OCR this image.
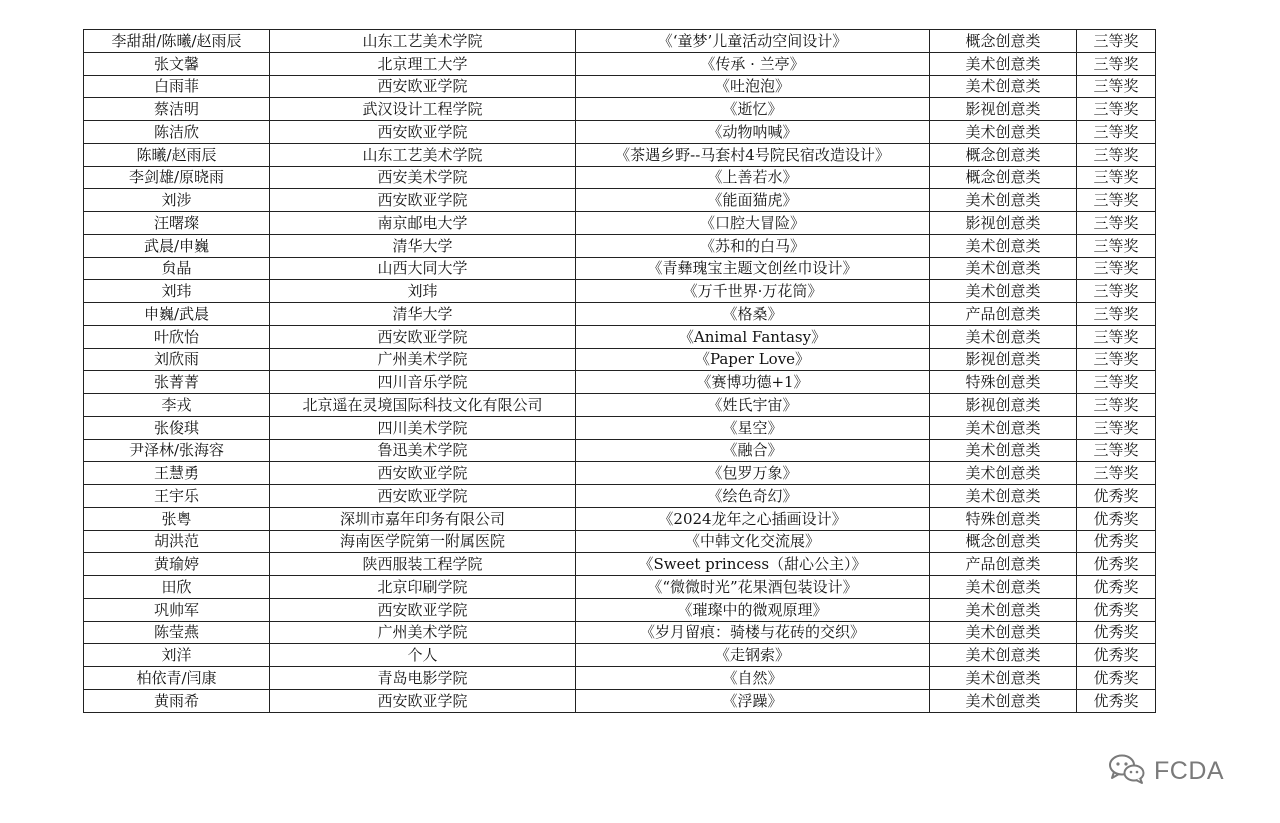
李甜甜/陈曦/赵雨辰	山东工艺美术学院	《‘童梦’儿童活动空间设计》	概念创意类	三等奖
张文馨	北京理工大学	《传承 · 兰亭》	美术创意类	三等奖
白雨菲	西安欧亚学院	《吐泡泡》	美术创意类	三等奖
蔡洁明	武汉设计工程学院	《逝忆》	影视创意类	三等奖
陈洁欣	西安欧亚学院	《动物呐喊》	美术创意类	三等奖
陈曦/赵雨辰	山东工艺美术学院	《茶遇乡野--马套村4号院民宿改造设计》	概念创意类	三等奖
李剑雄/原晓雨	西安美术学院	《上善若水》	概念创意类	三等奖
刘涉	西安欧亚学院	《能面猫虎》	美术创意类	三等奖
汪曙璨	南京邮电大学	《口腔大冒险》	影视创意类	三等奖
武晨/申巍	清华大学	《苏和的白马》	美术创意类	三等奖
贠晶	山西大同大学	《青彝瑰宝主题文创丝巾设计》	美术创意类	三等奖
刘玮	刘玮	《万千世界·万花筒》	美术创意类	三等奖
申巍/武晨	清华大学	《格桑》	产品创意类	三等奖
叶欣怡	西安欧亚学院	《Animal Fantasy》	美术创意类	三等奖
刘欣雨	广州美术学院	《Paper Love》	影视创意类	三等奖
张菁菁	四川音乐学院	《赛博功德+1》	特殊创意类	三等奖
李戎	北京遥在灵境国际科技文化有限公司	《姓氏宇宙》	影视创意类	三等奖
张俊琪	四川美术学院	《星空》	美术创意类	三等奖
尹泽林/张海容	鲁迅美术学院	《融合》	美术创意类	三等奖
王慧勇	西安欧亚学院	《包罗万象》	美术创意类	三等奖
王宇乐	西安欧亚学院	《绘色奇幻》	美术创意类	优秀奖
张粤	深圳市嘉年印务有限公司	《2024龙年之心插画设计》	特殊创意类	优秀奖
胡洪范	海南医学院第一附属医院	《中韩文化交流展》	概念创意类	优秀奖
黄瑜婷	陕西服装工程学院	《Sweet princess（甜心公主）》	产品创意类	优秀奖
田欣	北京印刷学院	《“微微时光”花果酒包装设计》	美术创意类	优秀奖
巩帅军	西安欧亚学院	《璀璨中的微观原理》	美术创意类	优秀奖
陈莹燕	广州美术学院	《岁月留痕：骑楼与花砖的交织》	美术创意类	优秀奖
刘洋	个人	《走钢索》	美术创意类	优秀奖
柏依青/闫康	青岛电影学院	《自然》	美术创意类	优秀奖
黄雨希	西安欧亚学院	《浮躁》	美术创意类	优秀奖
FCDA
